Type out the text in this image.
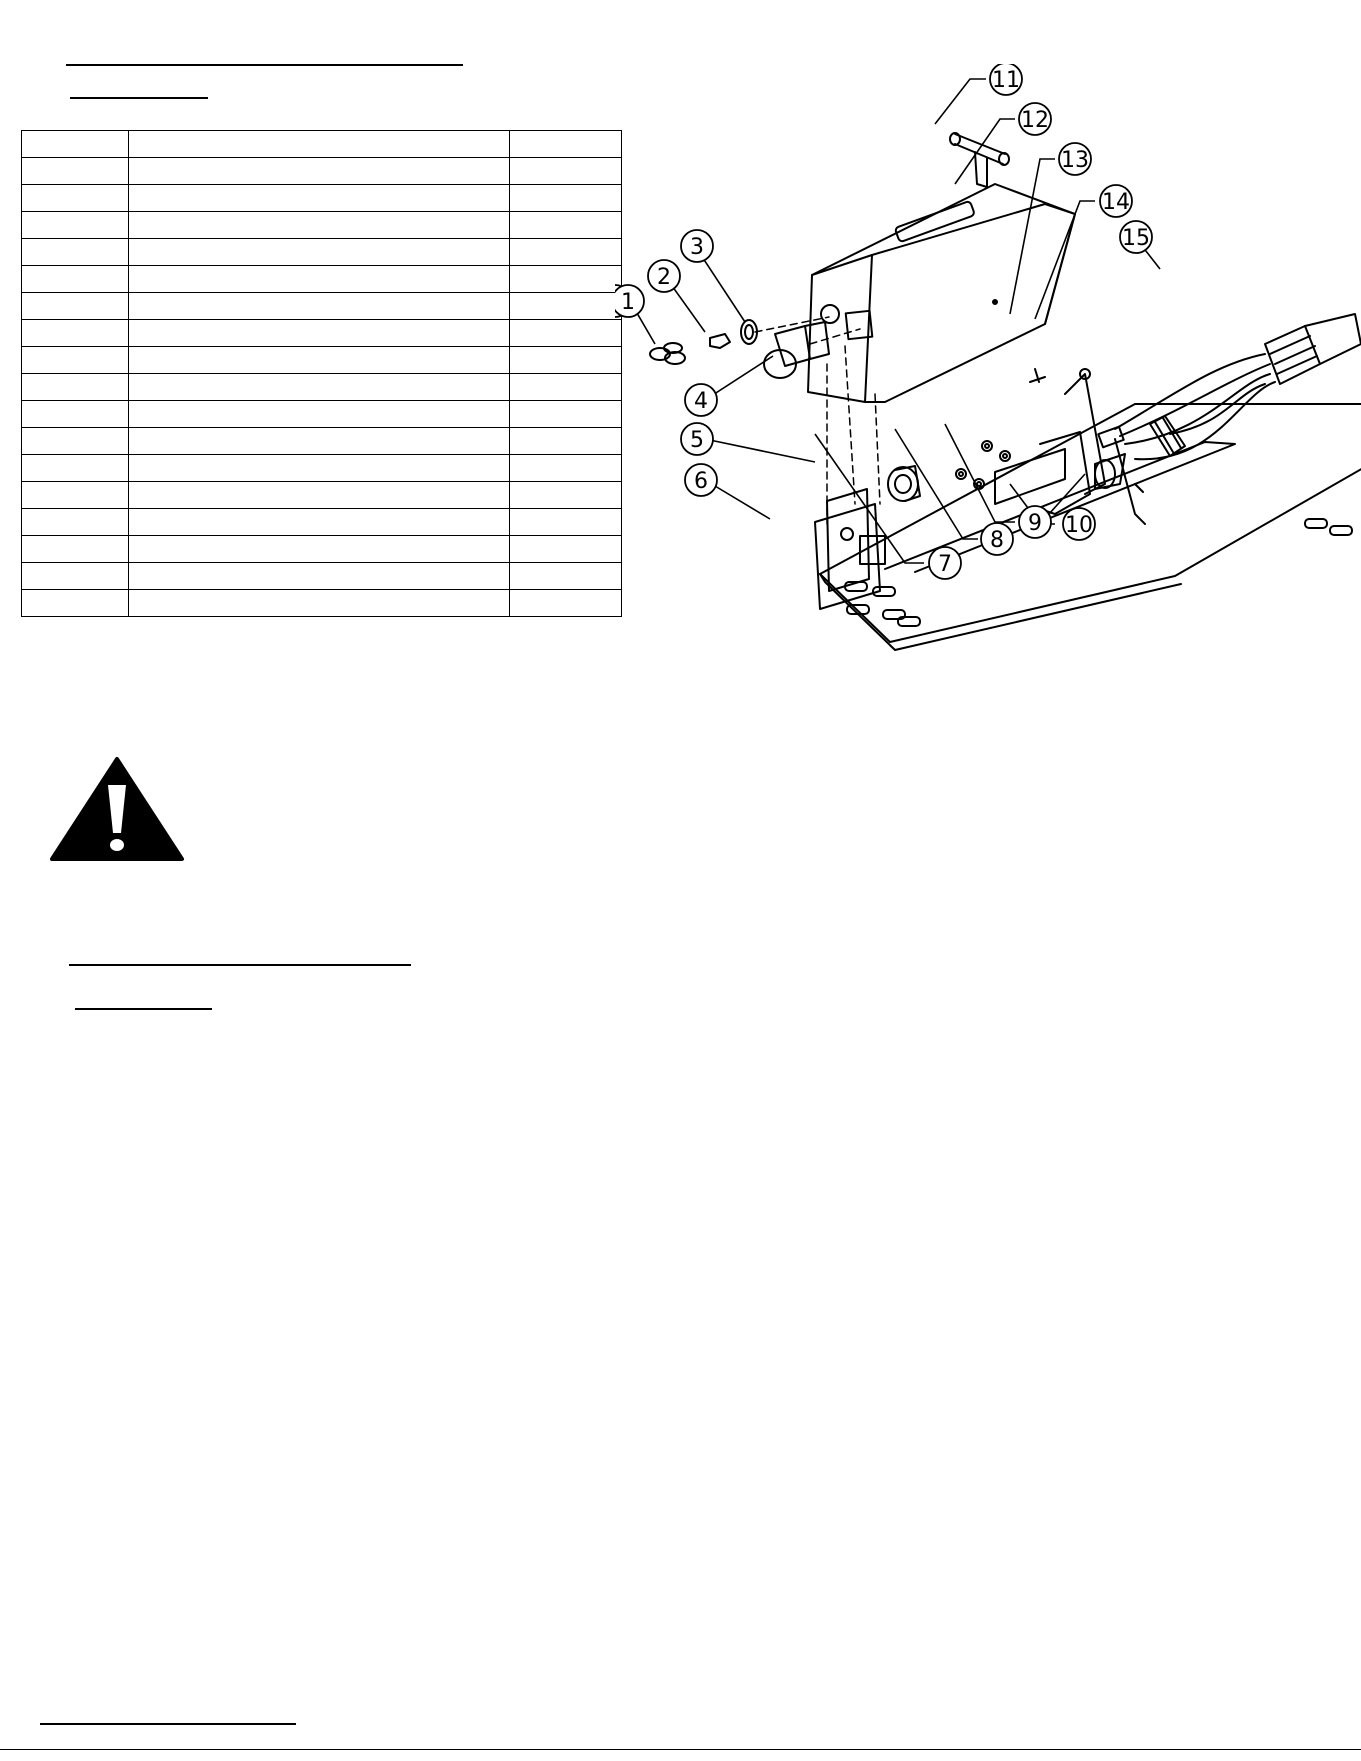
1
2
3
4
5
6
7
8
9 10
11
12
13
14
15
